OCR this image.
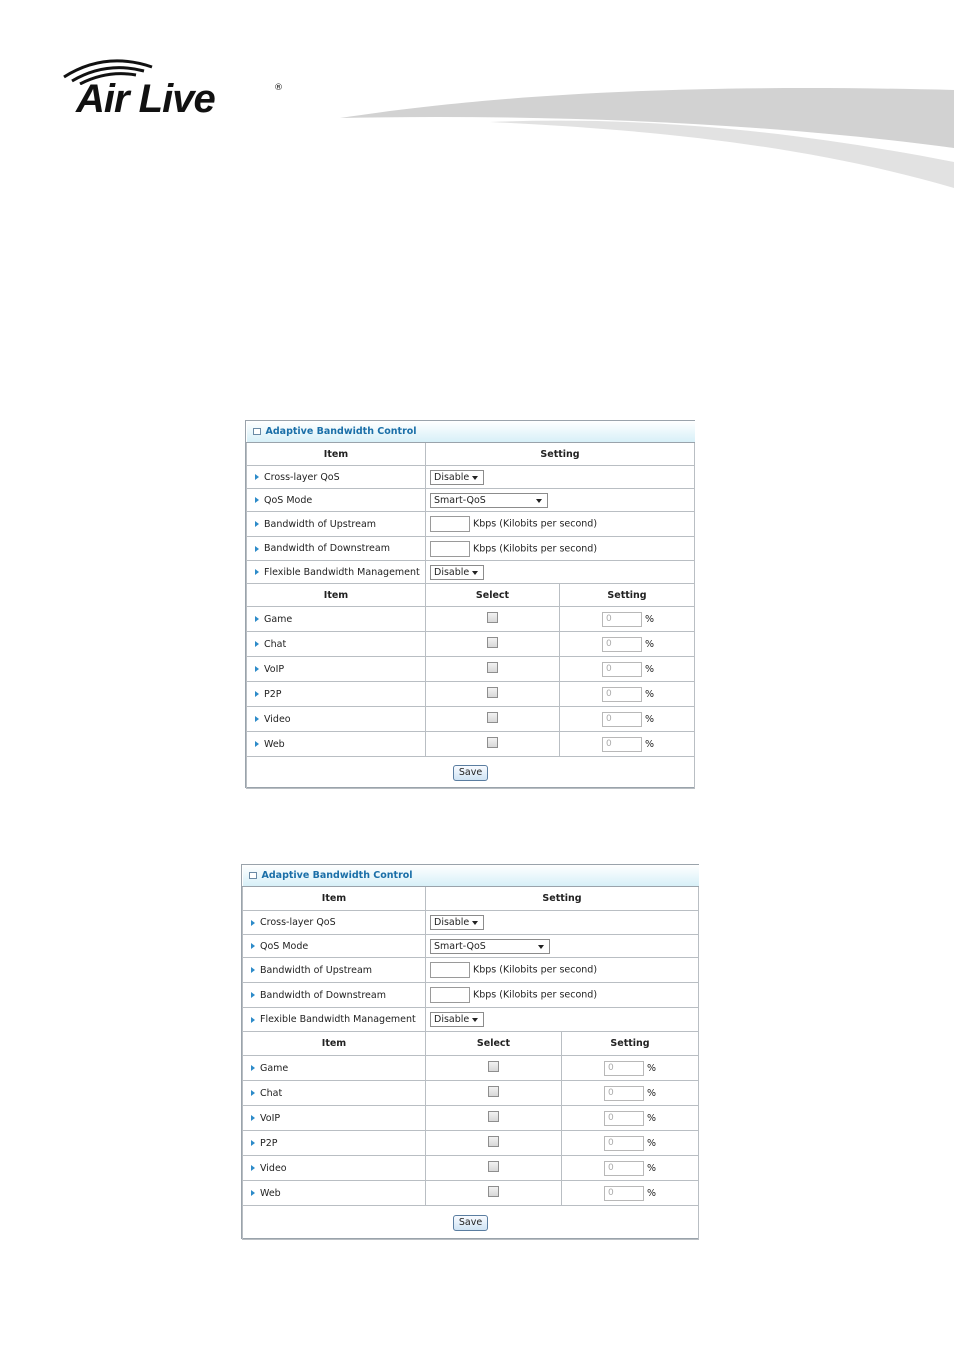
Air Live	®
Adaptive Bandwidth Control		
Item	Setting	
Cross-layer QoS	Disable	

QoS Mode	Smart-QoS	

Bandwidth of Upstream	Kbps (Kilobits per second)	
Bandwidth of Downstream	Kbps (Kilobits per second)	
Flexible Bandwidth Management	Disable	

Item	Select	Setting
Game		0 %
Chat		0 %
VoIP		0 %
P2P		0 %
Video		0 %
Web		0 %
Save		
Adaptive Bandwidth Control		
Item	Setting	
Cross-layer QoS	Disable	

QoS Mode	Smart-QoS	

Bandwidth of Upstream	Kbps (Kilobits per second)	
Bandwidth of Downstream	Kbps (Kilobits per second)	
Flexible Bandwidth Management	Disable	

Item	Select	Setting
Game		0 %
Chat		0 %
VoIP		0 %
P2P		0 %
Video		0 %
Web		0 %
Save		
